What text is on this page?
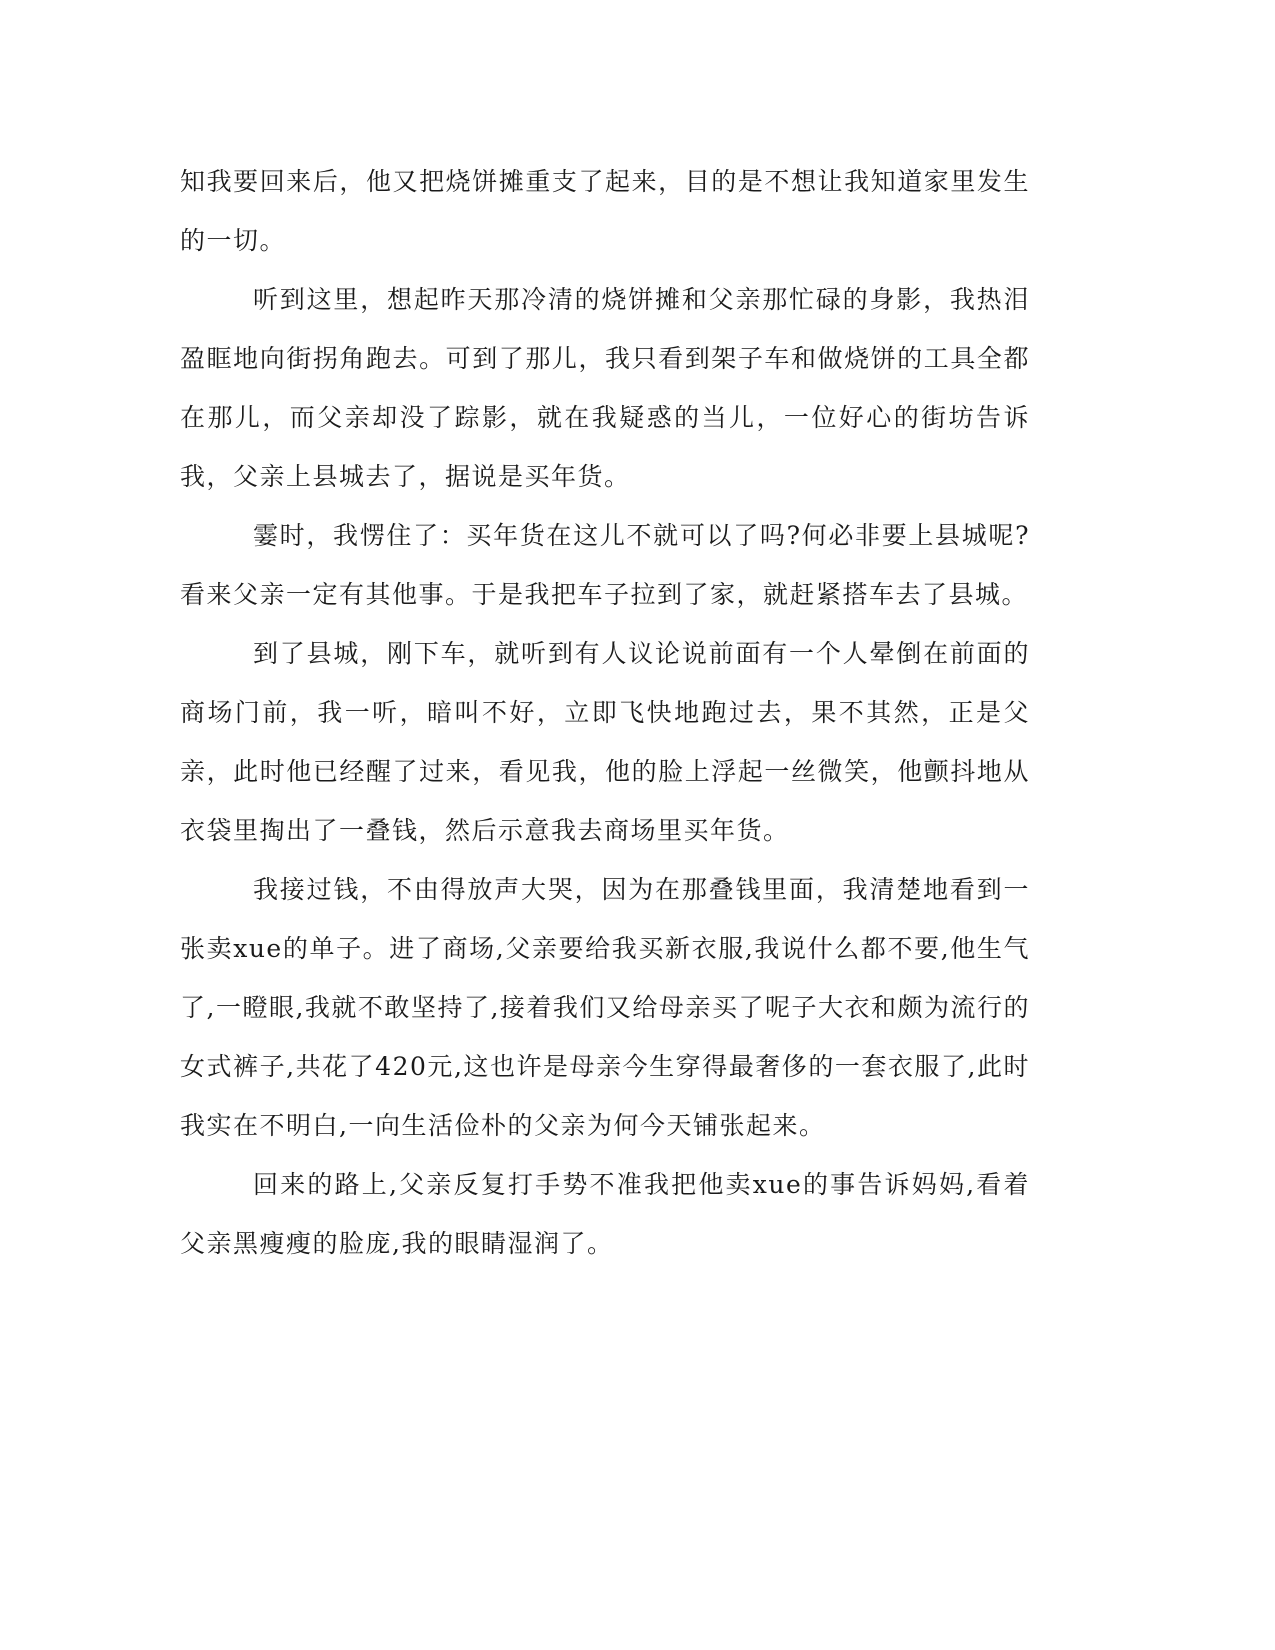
知我要回来后，他又把烧饼摊重支了起来，目的是不想让我知道家里发生的一切。

听到这里，想起昨天那冷清的烧饼摊和父亲那忙碌的身影，我热泪盈眶地向街拐角跑去。可到了那儿，我只看到架子车和做烧饼的工具全都在那儿，而父亲却没了踪影，就在我疑惑的当儿，一位好心的街坊告诉我，父亲上县城去了，据说是买年货。

霎时，我愣住了：买年货在这儿不就可以了吗?何必非要上县城呢?看来父亲一定有其他事。于是我把车子拉到了家，就赶紧搭车去了县城。

到了县城，刚下车，就听到有人议论说前面有一个人晕倒在前面的商场门前，我一听，暗叫不好，立即飞快地跑过去，果不其然，正是父亲，此时他已经醒了过来，看见我，他的脸上浮起一丝微笑，他颤抖地从衣袋里掏出了一叠钱，然后示意我去商场里买年货。

我接过钱，不由得放声大哭，因为在那叠钱里面，我清楚地看到一张卖xue的单子。进了商场,父亲要给我买新衣服,我说什么都不要,他生气了,一瞪眼,我就不敢坚持了,接着我们又给母亲买了呢子大衣和颇为流行的女式裤子,共花了420元,这也许是母亲今生穿得最奢侈的一套衣服了,此时我实在不明白,一向生活俭朴的父亲为何今天铺张起来。

回来的路上,父亲反复打手势不准我把他卖xue的事告诉妈妈,看着父亲黑瘦瘦的脸庞,我的眼睛湿润了。
